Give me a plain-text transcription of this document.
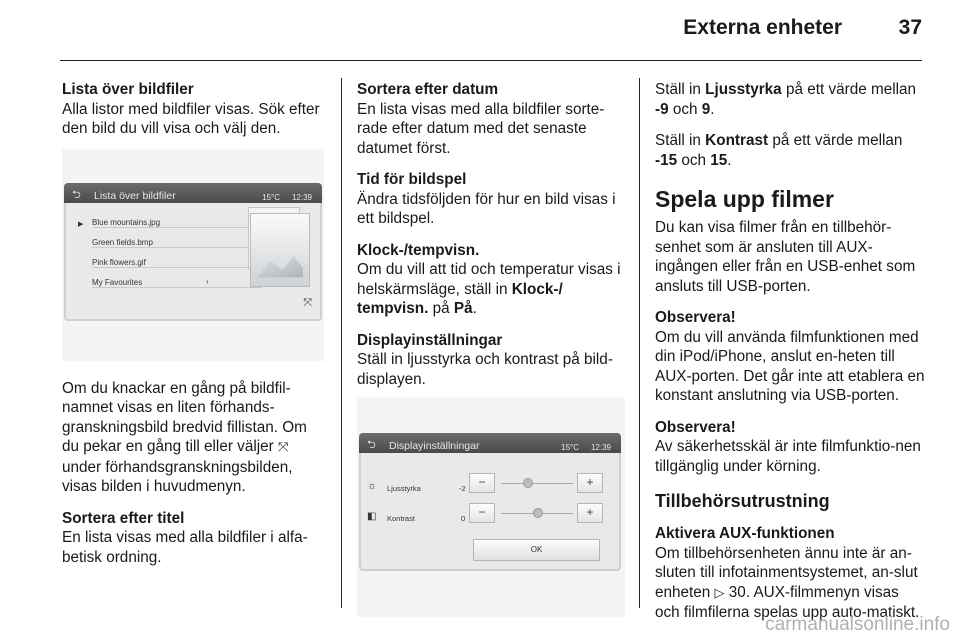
Externa enheter	37
Lista över bildfiler
Alla listor med bildfiler visas. Sök efter den bild du vill visa och välj den.
⮌ Lista över bildfiler	15°C 12:39
▶ Blue mountains.jpg
Green fields.bmp
Pink flowers.gif
My Favourites	›
⤧

Om du knackar en gång på bildfil-namnet visas en liten förhands-granskningsbild bredvid fillistan. Om du pekar en gång till eller väljer ⤧ under förhandsgranskningsbilden, visas bilden i huvudmenyn.

Sortera efter titel
En lista visas med alla bildfiler i alfa-betisk ordning.

Sortera efter datum
En lista visas med alla bildfiler sorte-rade efter datum med det senaste datumet först.

Tid för bildspel
Ändra tidsföljden för hur en bild visas i ett bildspel.

Klock-/tempvisn.
Om du vill att tid och temperatur visas i helskärmsläge, ställ in Klock-/ tempvisn. på På.

Displayinställningar
Ställ in ljusstyrka och kontrast på bild-displayen.
⮌ Displayinställningar	15°C 12:39
☼ Ljusstyrka	-2	−	+
◧ Kontrast	0	−	+
OK

Ställ in Ljusstyrka på ett värde mellan -9 och 9.

Ställ in Kontrast på ett värde mellan -15 och 15.

Spela upp filmer

Du kan visa filmer från en tillbehör-senhet som är ansluten till AUX-ingången eller från en USB-enhet som ansluts till USB-porten.

Observera!
Om du vill använda filmfunktionen med din iPod/iPhone, anslut en-heten till AUX-porten. Det går inte att etablera en konstant anslutning via USB-porten.

Observera!
Av säkerhetsskäl är inte filmfunktio-nen tillgänglig under körning.

Tillbehörsutrustning
Aktivera AUX-funktionen
Om tillbehörsenheten ännu inte är an-sluten till infotainmentsystemet, an-slut enheten ▷ 30. AUX-filmmenyn visas och filmfilerna spelas upp auto-matiskt.
carmanualsonline.info
